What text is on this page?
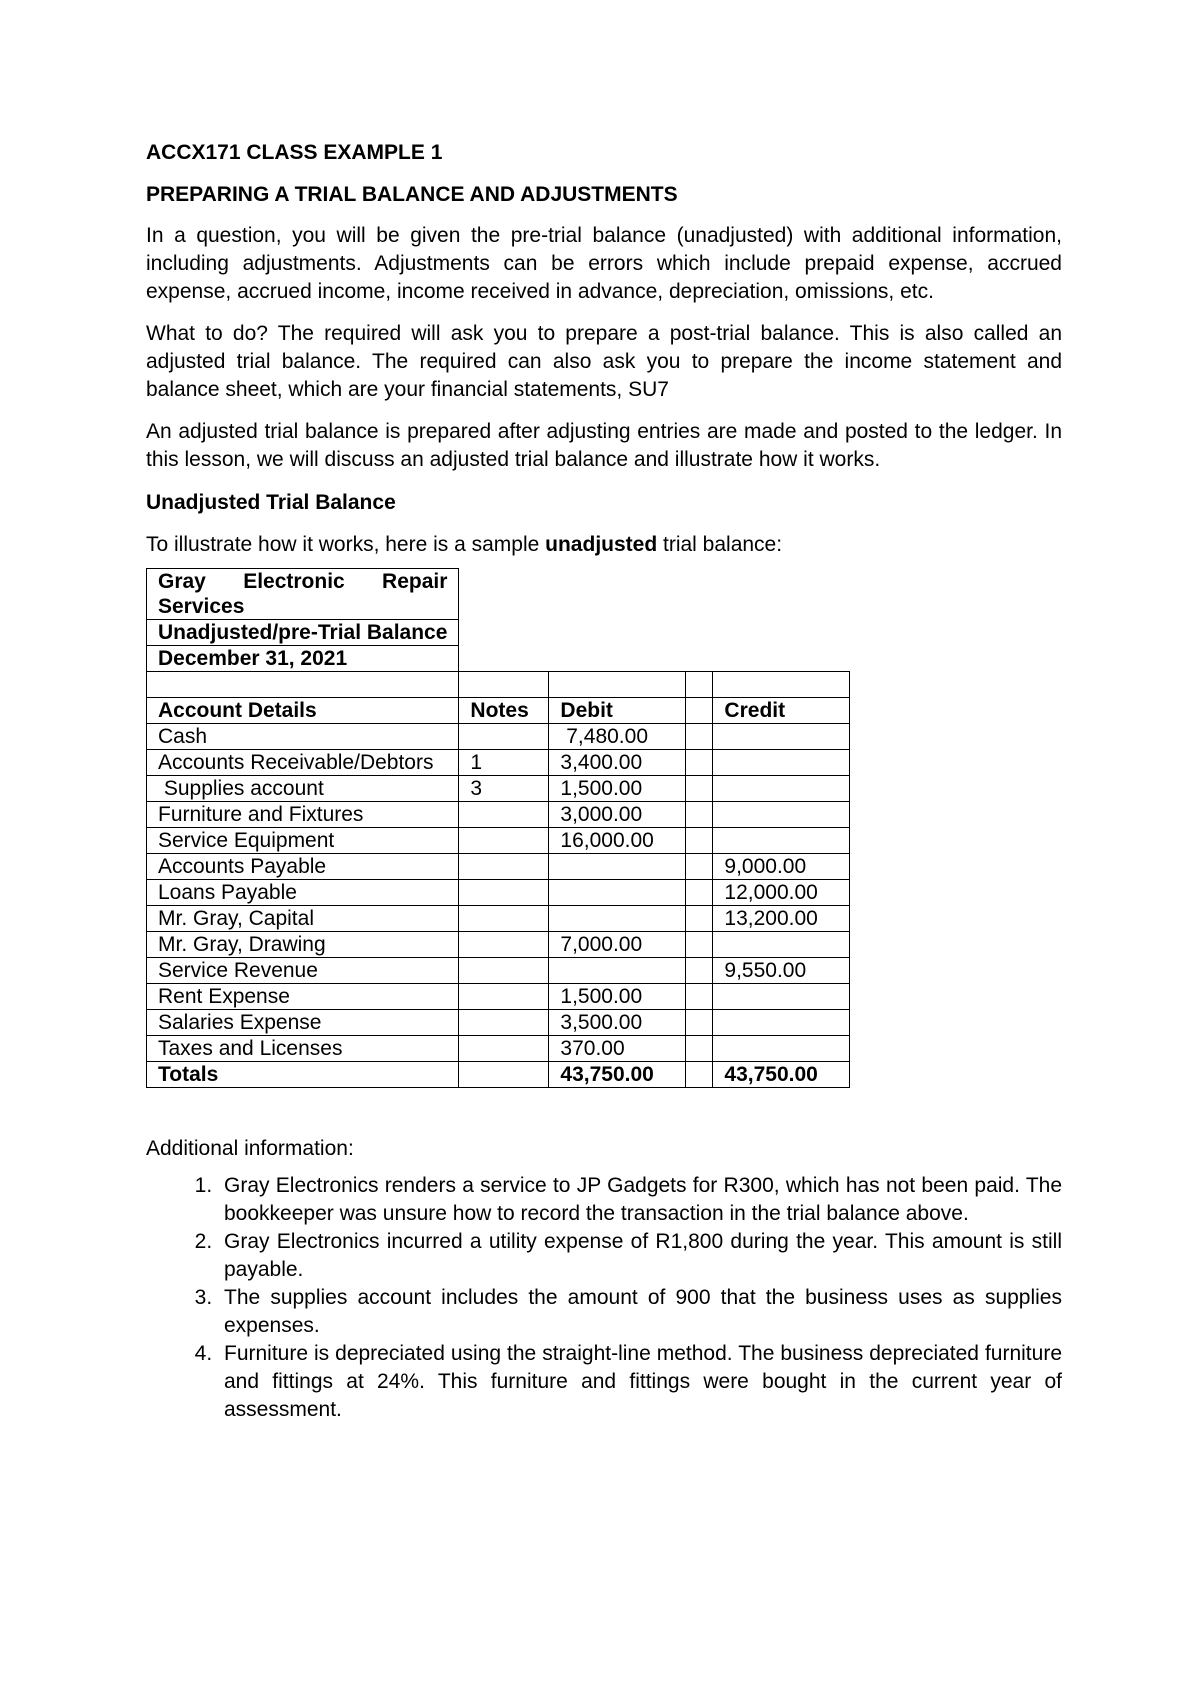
ACCX171 CLASS EXAMPLE 1
PREPARING A TRIAL BALANCE AND ADJUSTMENTS

In a question, you will be given the pre-trial balance (unadjusted) with additional information, including adjustments. Adjustments can be errors which include prepaid expense, accrued expense, accrued income, income received in advance, depreciation, omissions, etc.

What to do? The required will ask you to prepare a post-trial balance. This is also called an adjusted trial balance. The required can also ask you to prepare the income statement and balance sheet, which are your financial statements, SU7

An adjusted trial balance is prepared after adjusting entries are made and posted to the ledger. In this lesson, we will discuss an adjusted trial balance and illustrate how it works.

Unadjusted Trial Balance
To illustrate how it works, here is a sample unadjusted trial balance:
Gray Electronic Repair
Services				

Unadjusted/pre-Trial Balance				
December 31, 2021				

Account Details	Notes	Debit		Credit
Cash		7,480.00		
Accounts Receivable/Debtors	1	3,400.00		
Supplies account	3	1,500.00		
Furniture and Fixtures		3,000.00		
Service Equipment		16,000.00		
Accounts Payable				9,000.00
Loans Payable				12,000.00
Mr. Gray, Capital				13,200.00
Mr. Gray, Drawing		7,000.00		
Service Revenue				9,550.00
Rent Expense		1,500.00		
Salaries Expense		3,500.00		
Taxes and Licenses		370.00		
Totals		43,750.00		43,750.00
Additional information:
1. Gray Electronics renders a service to JP Gadgets for R300, which has not been paid. The bookkeeper was unsure how to record the transaction in the trial balance above.
2. Gray Electronics incurred a utility expense of R1,800 during the year. This amount is still payable.
3. The supplies account includes the amount of 900 that the business uses as supplies expenses.
4. Furniture is depreciated using the straight-line method. The business depreciated furniture and fittings at 24%. This furniture and fittings were bought in the current year of assessment.
